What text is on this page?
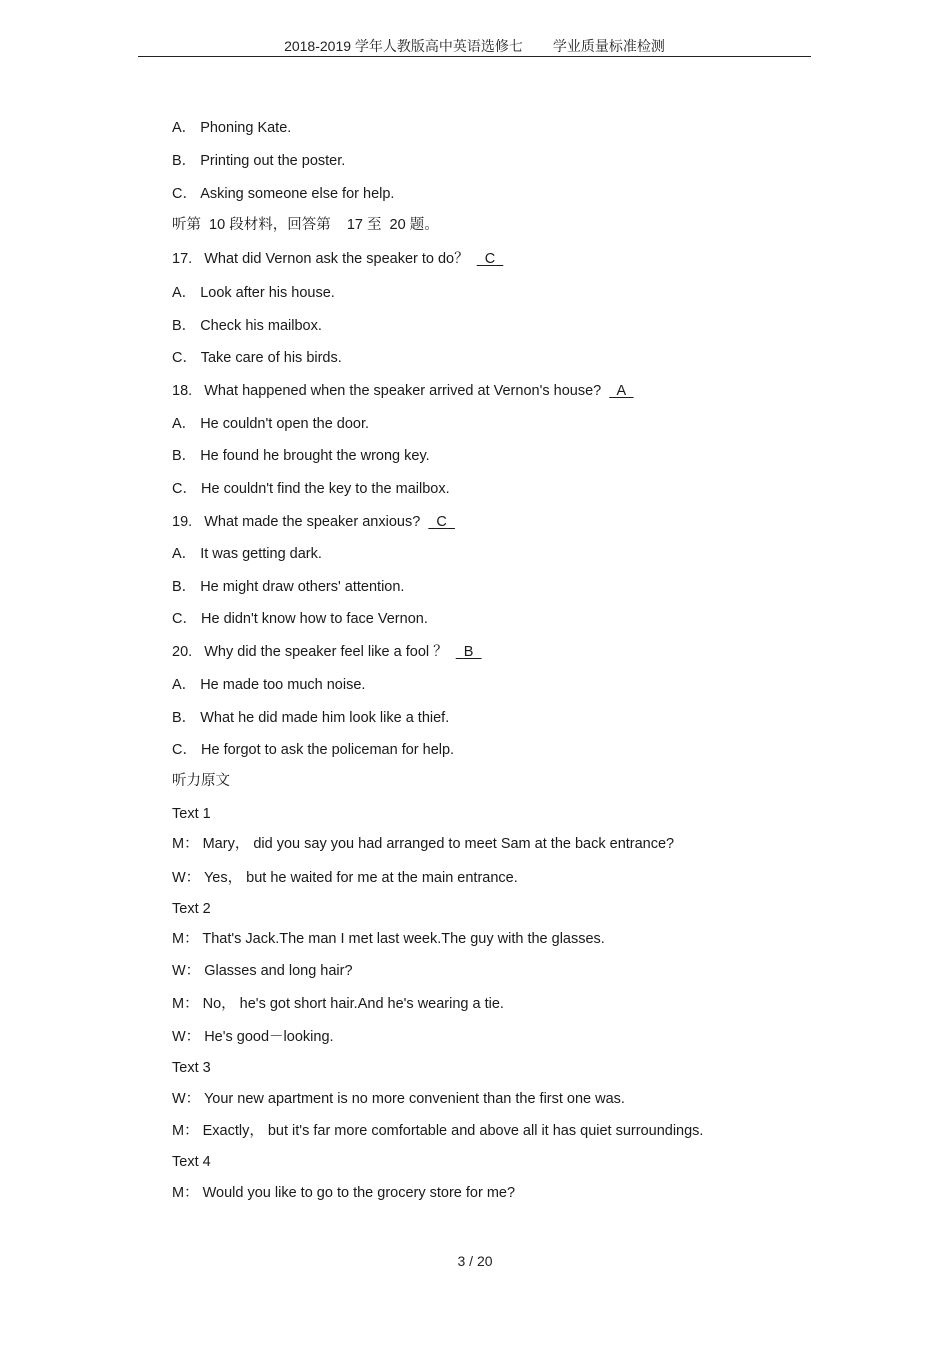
2018-2019 学年人教版高中英语选修七 学业质量标准检测
A． Phoning Kate.
B． Printing out the poster.
C． Asking someone else for help.
听第  10 段材料，回答第    17 至  20 题。
17.   What did Vernon ask the speaker to do？ C
A． Look after his house.
B． Check his mailbox.
C． Take care of his birds.
18.   What happened when the speaker arrived at Vernon's house? A
A． He couldn't open the door.
B． He found he brought the wrong key.
C． He couldn't find the key to the mailbox.
19.   What made the speaker anxious? C
A． It was getting dark.
B． He might draw others' attention.
C． He didn't know how to face Vernon.
20.   Why did the speaker feel like a fool ？ B
A． He made too much noise.
B． What he did made him look like a thief.
C． He forgot to ask the policeman for help.
听力原文
Text 1
M： Mary， did you say you had arranged to meet Sam at the back entrance?
W： Yes， but he waited for me at the main entrance.
Text 2
M： That's Jack.The man I met last week.The guy with the glasses.
W： Glasses and long hair?
M： No， he's got short hair.And he's wearing a tie.
W： He's good－looking.
Text 3
W： Your new apartment is no more convenient than the first one was.
M： Exactly， but it's far more comfortable and above all it has quiet surroundings.
Text 4
M： Would you like to go to the grocery store for me?
3 / 20
